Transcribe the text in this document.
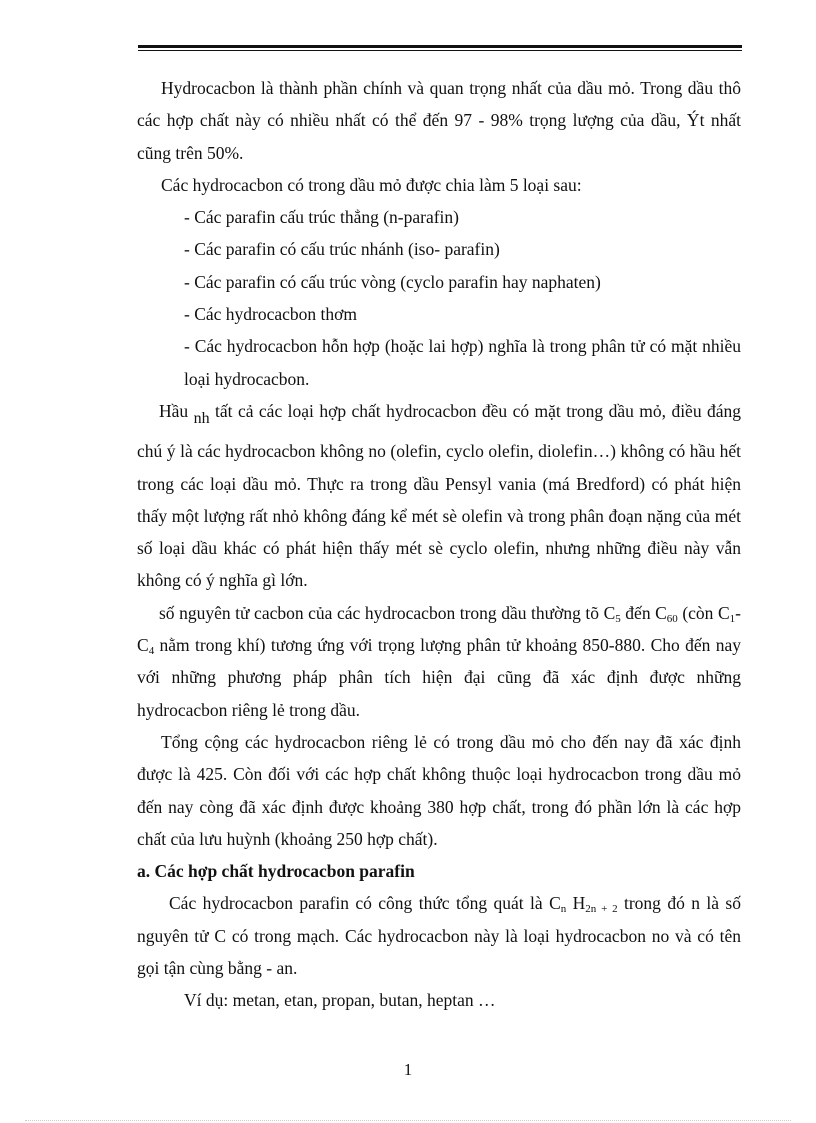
Hydrocacbon là thành phần chính và quan trọng nhất của dầu mỏ. Trong dầu thô các hợp chất này có nhiều nhất có thể đến 97 - 98% trọng lượng của dầu, Ýt nhất cũng trên 50%.

Các hydrocacbon có trong dầu mỏ được chia làm 5 loại sau:

- Các parafin cấu trúc thẳng (n-parafin)
- Các parafin có cấu trúc nhánh (iso- parafin)
- Các parafin có cấu trúc vòng (cyclo parafin hay naphaten)
- Các hydrocacbon thơm
- Các hydrocacbon hỗn hợp (hoặc lai hợp) nghĩa là trong phân tử có mặt nhiều loại hydrocacbon.

Hầu nh tất cả các loại hợp chất hydrocacbon đều có mặt trong dầu mỏ, điều đáng chú ý là các hydrocacbon không no (olefin, cyclo olefin, diolefin…) không có hầu hết trong các loại dầu mỏ. Thực ra trong dầu Pensyl vania (má Bredford) có phát hiện thấy một lượng rất nhỏ không đáng kể mét sè olefin và trong phân đoạn nặng của mét số loại dầu khác có phát hiện thấy mét sè cyclo olefin, nhưng những điều này vẫn không có ý nghĩa gì lớn.

số nguyên tử cacbon của các hydrocacbon trong dầu thường tõ $C_5$ đến $C_{60}$ (còn $C_1-$ $C_4$ nằm trong khí) tương ứng với trọng lượng phân tử khoảng 850-880. Cho đến nay với những phương pháp phân tích hiện đại cũng đã xác định được những hydrocacbon riêng lẻ trong dầu.

Tổng cộng các hydrocacbon riêng lẻ có trong dầu mỏ cho đến nay đã xác định được là 425. Còn đối với các hợp chất không thuộc loại hydrocacbon trong dầu mỏ đến nay còng đã xác định được khoảng 380 hợp chất, trong đó phần lớn là các hợp chất của lưu huỳnh (khoảng 250 hợp chất).

a. Các hợp chất hydrocacbon parafin

Các hydrocacbon parafin có công thức tổng quát là $C_n$ $H_{2n + 2}$ trong đó n là số nguyên tử C có trong mạch. Các hydrocacbon này là loại hydrocacbon no và có tên gọi tận cùng bằng - an.

Ví dụ: metan, etan, propan, butan, heptan …

1
